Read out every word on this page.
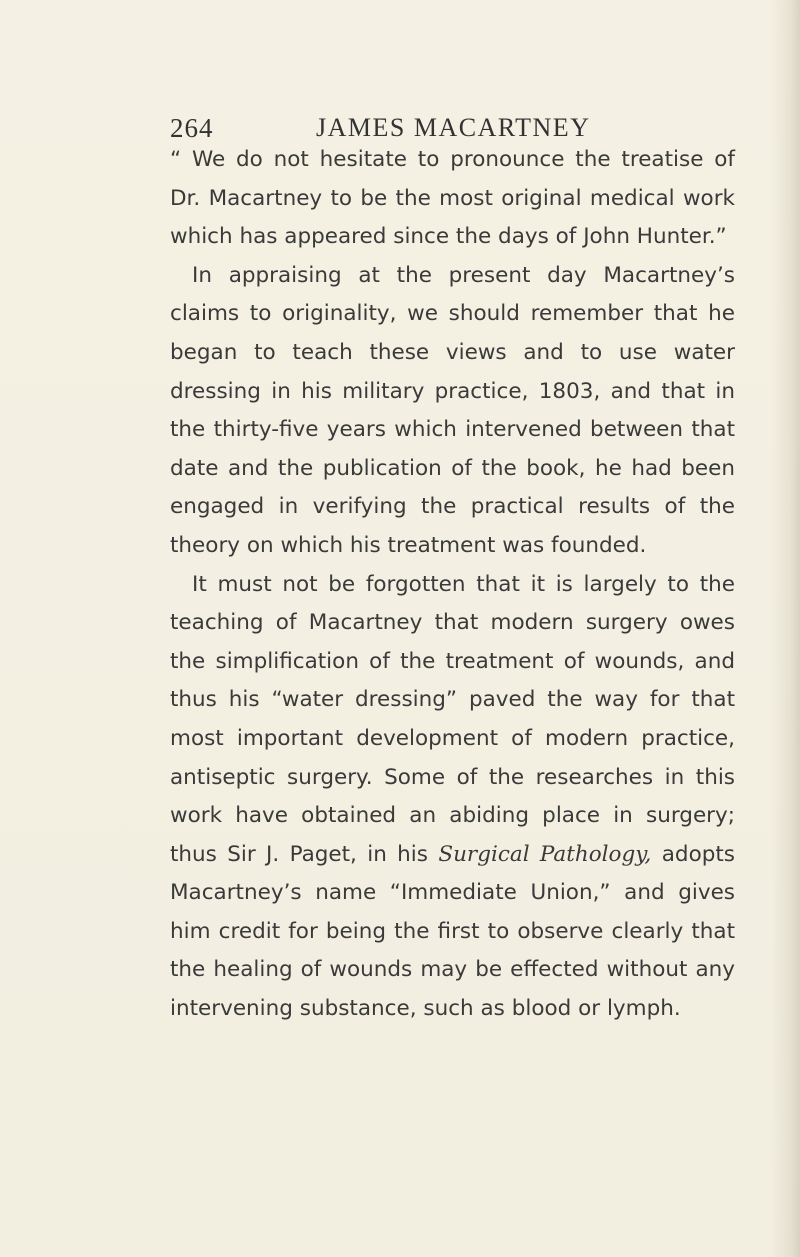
264	JAMES MACARTNEY

“ We do not hesitate to pronounce the treatise of Dr. Macartney to be the most original medical work which has appeared since the days of John Hunter.”

In appraising at the present day Macartney’s claims to originality, we should remember that he began to teach these views and to use water dressing in his military practice, 1803, and that in the thirty-five years which intervened between that date and the publication of the book, he had been engaged in verifying the practical results of the theory on which his treatment was founded.

It must not be forgotten that it is largely to the teaching of Macartney that modern surgery owes the simplification of the treatment of wounds, and thus his “water dressing” paved the way for that most important development of modern practice, antiseptic surgery. Some of the researches in this work have obtained an abiding place in surgery; thus Sir J. Paget, in his Surgical Pathology, adopts Macartney’s name “Immediate Union,” and gives him credit for being the first to observe clearly that the healing of wounds may be effected without any intervening substance, such as blood or lymph.
